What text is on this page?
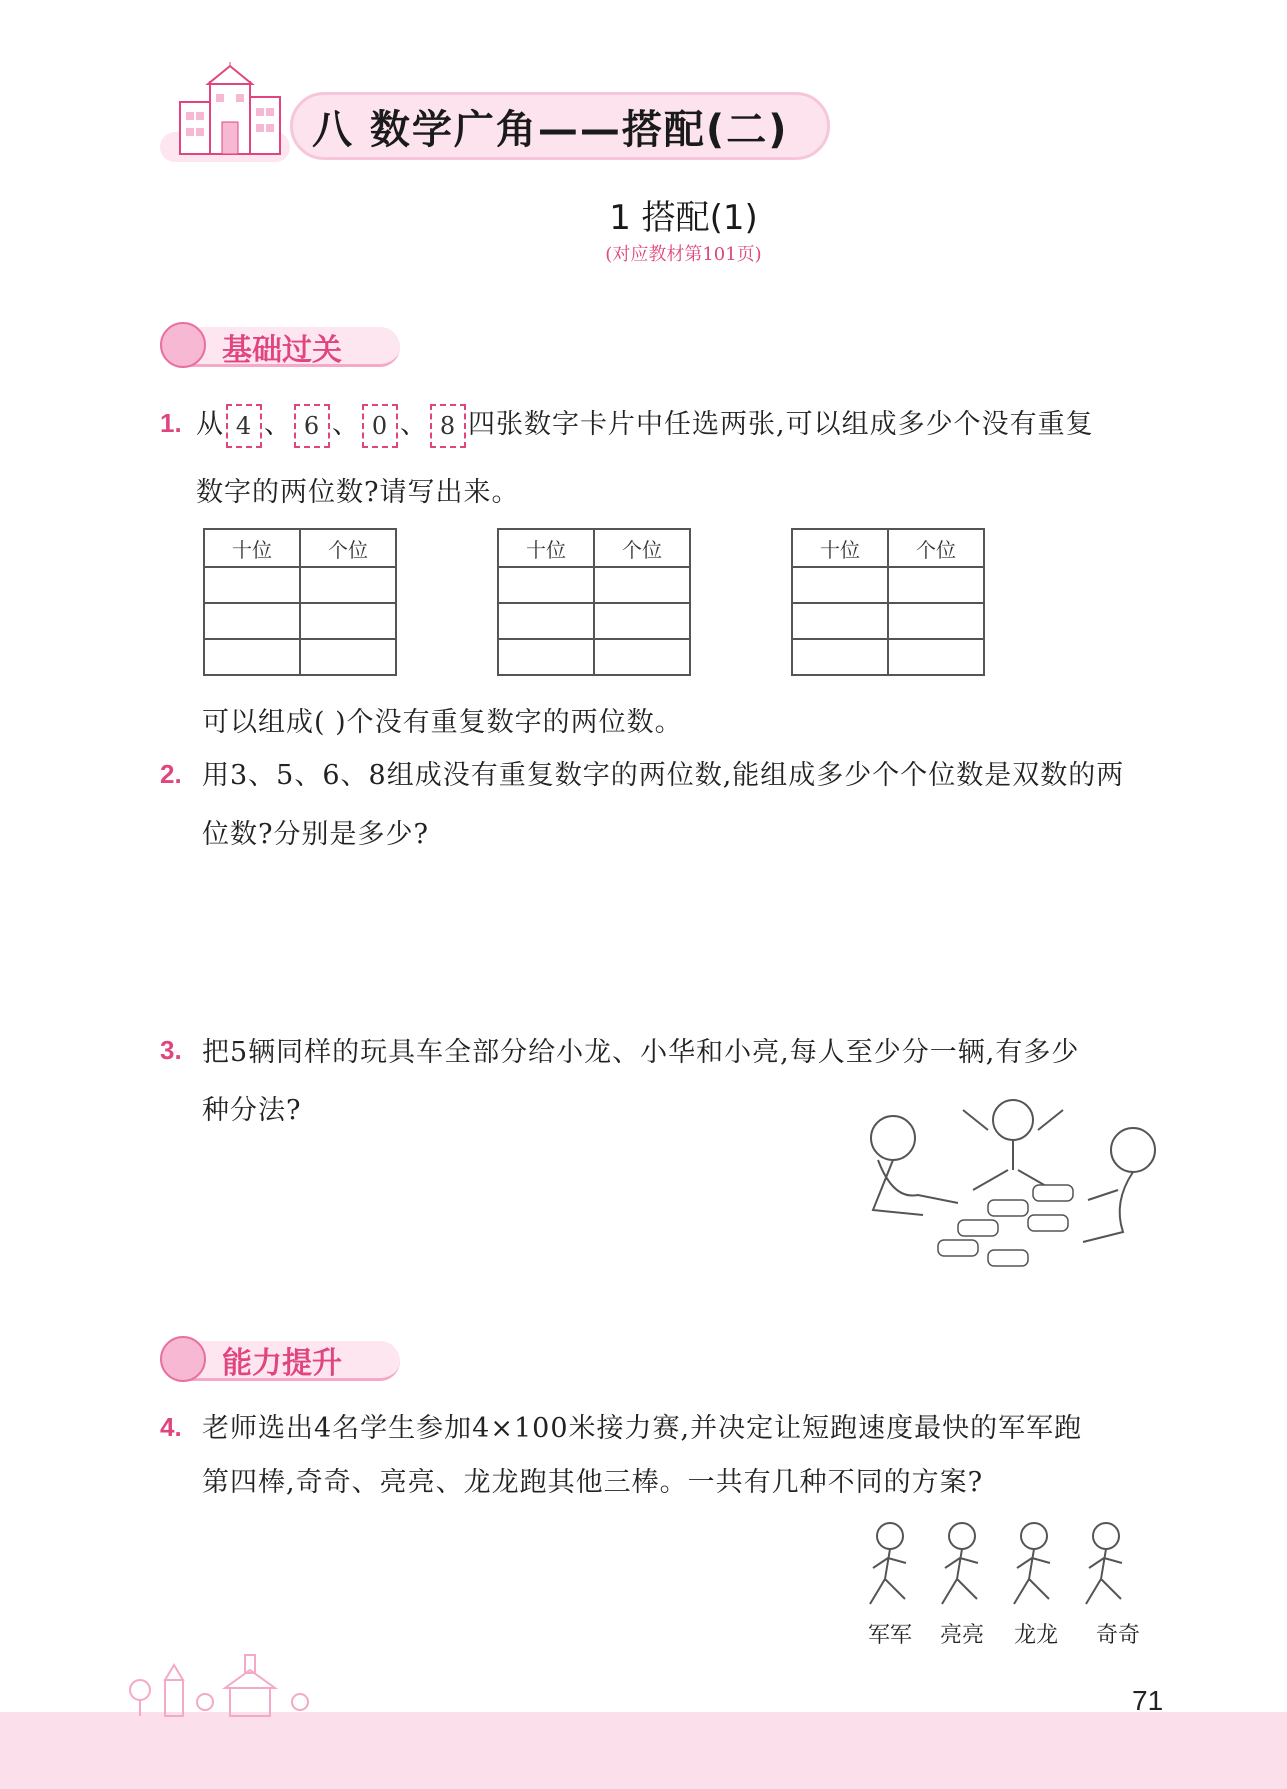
八 数学广角——搭配(二)
1 搭配(1)
(对应教材第101页)
基础过关
1. 从 4 、 6 、 0 、 8 四张数字卡片中任选两张,可以组成多少个没有重复
数字的两位数?请写出来。
十位	个位

		十位	个位

		十位	个位

可以组成( )个没有重复数字的两位数。
2. 用3、5、6、8组成没有重复数字的两位数,能组成多少个个位数是双数的两
位数?分别是多少?
3. 把5辆同样的玩具车全部分给小龙、小华和小亮,每人至少分一辆,有多少
种分法?
能力提升
4. 老师选出4名学生参加4×100米接力赛,并决定让短跑速度最快的军军跑
第四棒,奇奇、亮亮、龙龙跑其他三棒。一共有几种不同的方案?
军军 亮亮 龙龙 奇奇
71
